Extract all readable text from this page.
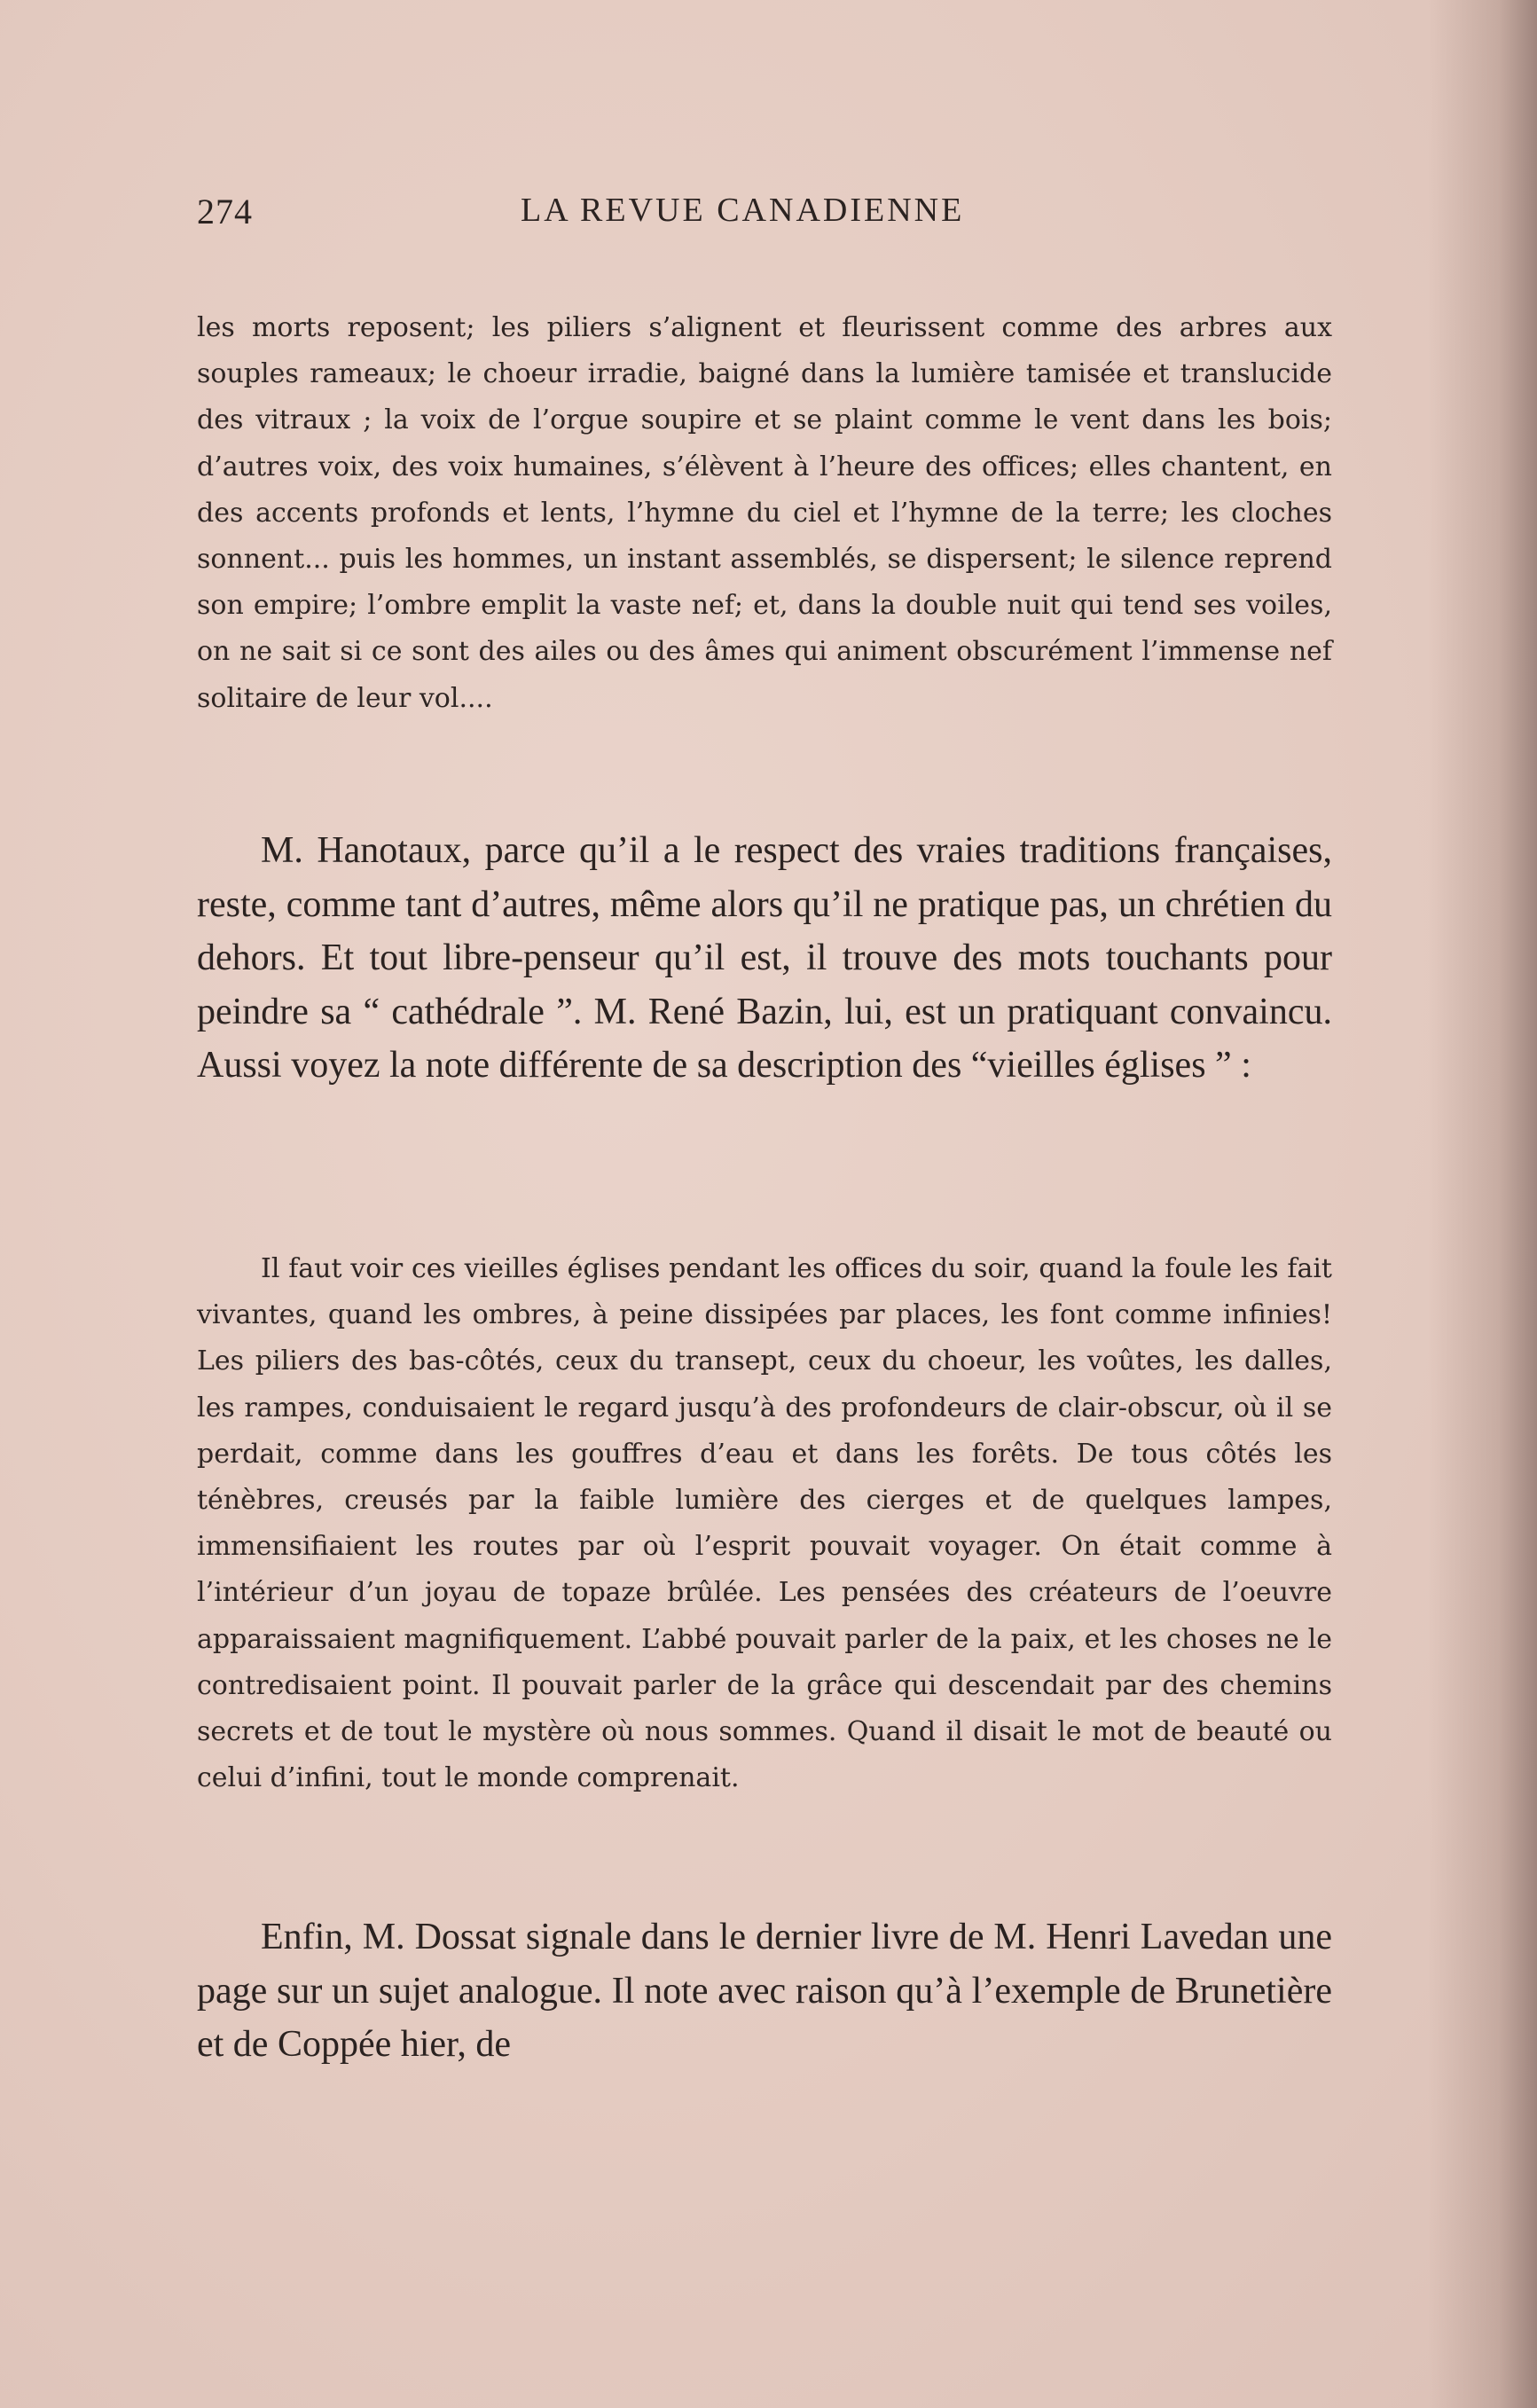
274	LA REVUE CANADIENNE

les morts reposent; les piliers s’alignent et fleurissent comme des arbres aux souples rameaux; le choeur irradie, baigné dans la lumière tamisée et translucide des vitraux ; la voix de l’orgue soupire et se plaint comme le vent dans les bois; d’autres voix, des voix humaines, s’élèvent à l’heure des offices; elles chantent, en des accents profonds et lents, l’hymne du ciel et l’hymne de la terre; les cloches sonnent... puis les hommes, un instant assemblés, se dispersent; le silence reprend son empire; l’ombre emplit la vaste nef; et, dans la double nuit qui tend ses voiles, on ne sait si ce sont des ailes ou des âmes qui animent obscurément l’immense nef solitaire de leur vol....

M. Hanotaux, parce qu’il a le respect des vraies traditions françaises, reste, comme tant d’autres, même alors qu’il ne pratique pas, un chrétien du dehors. Et tout libre-penseur qu’il est, il trouve des mots touchants pour peindre sa “ cathédrale ”. M. René Bazin, lui, est un pratiquant convaincu. Aussi voyez la note différente de sa description des “vieilles églises ” :

Il faut voir ces vieilles églises pendant les offices du soir, quand la foule les fait vivantes, quand les ombres, à peine dissipées par places, les font comme infinies! Les piliers des bas-côtés, ceux du transept, ceux du choeur, les voûtes, les dalles, les rampes, conduisaient le regard jusqu’à des profondeurs de clair-obscur, où il se perdait, comme dans les gouffres d’eau et dans les forêts. De tous côtés les ténèbres, creusés par la faible lumière des cierges et de quelques lampes, immensifiaient les routes par où l’esprit pouvait voyager. On était comme à l’intérieur d’un joyau de topaze brûlée. Les pensées des créateurs de l’oeuvre apparaissaient magnifiquement. L’abbé pouvait parler de la paix, et les choses ne le contredisaient point. Il pouvait parler de la grâce qui descendait par des chemins secrets et de tout le mystère où nous sommes. Quand il disait le mot de beauté ou celui d’infini, tout le monde comprenait.

Enfin, M. Dossat signale dans le dernier livre de M. Henri Lavedan une page sur un sujet analogue. Il note avec raison qu’à l’exemple de Brunetière et de Coppée hier, de
